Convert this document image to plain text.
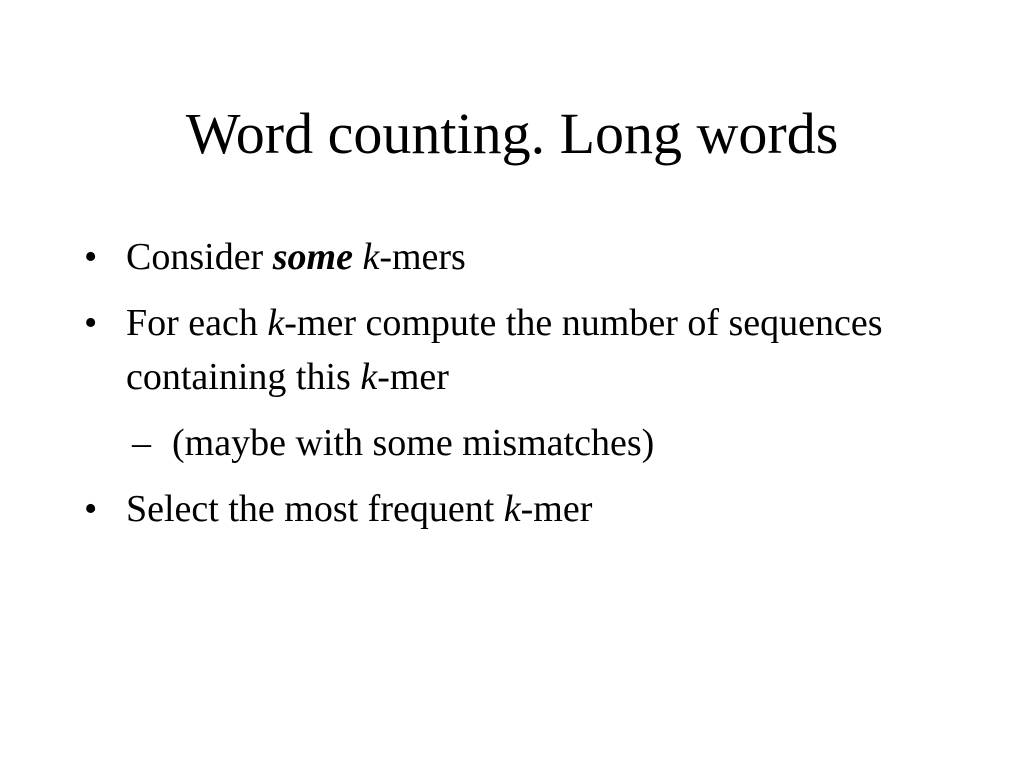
Word counting. Long words
• Consider some k-mers
• For each k-mer compute the number of sequences containing this k-mer
– (maybe with some mismatches)
• Select the most frequent k-mer
